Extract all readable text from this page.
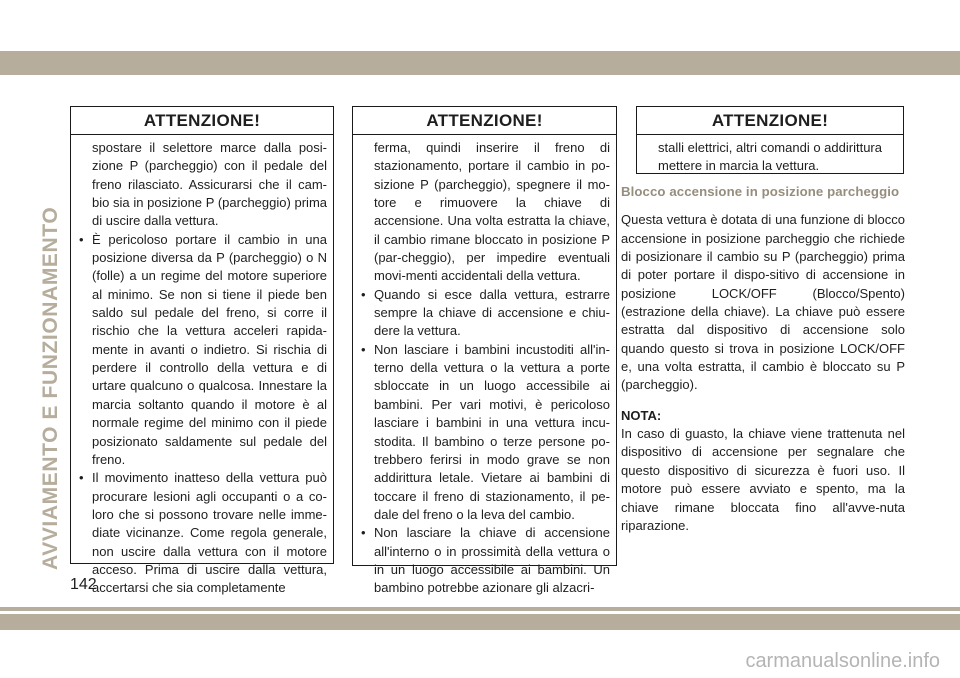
AVVIAMENTO E FUNZIONAMENTO
ATTENZIONE!

spostare il selettore marce dalla posi-zione P (parcheggio) con il pedale del freno rilasciato. Assicurarsi che il cam-bio sia in posizione P (parcheggio) prima di uscire dalla vettura.

• È pericoloso portare il cambio in una posizione diversa da P (parcheggio) o N (folle) a un regime del motore superiore al minimo. Se non si tiene il piede ben saldo sul pedale del freno, si corre il rischio che la vettura acceleri rapida-mente in avanti o indietro. Si rischia di perdere il controllo della vettura e di urtare qualcuno o qualcosa. Innestare la marcia soltanto quando il motore è al normale regime del minimo con il piede posizionato saldamente sul pedale del freno.

• Il movimento inatteso della vettura può procurare lesioni agli occupanti o a co-loro che si possono trovare nelle imme-diate vicinanze. Come regola generale, non uscire dalla vettura con il motore acceso. Prima di uscire dalla vettura, accertarsi che sia completamente

ATTENZIONE!

ferma, quindi inserire il freno di stazionamento, portare il cambio in po-sizione P (parcheggio), spegnere il mo-tore e rimuovere la chiave di accensione. Una volta estratta la chiave, il cambio rimane bloccato in posizione P (par-cheggio), per impedire eventuali movi-menti accidentali della vettura.

• Quando si esce dalla vettura, estrarre sempre la chiave di accensione e chiu-dere la vettura.

• Non lasciare i bambini incustoditi all'in-terno della vettura o la vettura a porte sbloccate in un luogo accessibile ai bambini. Per vari motivi, è pericoloso lasciare i bambini in una vettura incu-stodita. Il bambino o terze persone po-trebbero ferirsi in modo grave se non addirittura letale. Vietare ai bambini di toccare il freno di stazionamento, il pe-dale del freno o la leva del cambio.

• Non lasciare la chiave di accensione all'interno o in prossimità della vettura o in un luogo accessibile ai bambini. Un bambino potrebbe azionare gli alzacri-

ATTENZIONE!

stalli elettrici, altri comandi o addirittura mettere in marcia la vettura.

Blocco accensione in posizione parcheggio

Questa vettura è dotata di una funzione di blocco accensione in posizione parcheggio che richiede di posizionare il cambio su P (parcheggio) prima di poter portare il dispo-sitivo di accensione in posizione LOCK/OFF (Blocco/Spento) (estrazione della chiave). La chiave può essere estratta dal dispositivo di accensione solo quando questo si trova in posizione LOCK/OFF e, una volta estratta, il cambio è bloccato su P (parcheggio).

NOTA:

In caso di guasto, la chiave viene trattenuta nel dispositivo di accensione per segnalare che questo dispositivo di sicurezza è fuori uso. Il motore può essere avviato e spento, ma la chiave rimane bloccata fino all'avve-nuta riparazione.

142
carmanualsonline.info
